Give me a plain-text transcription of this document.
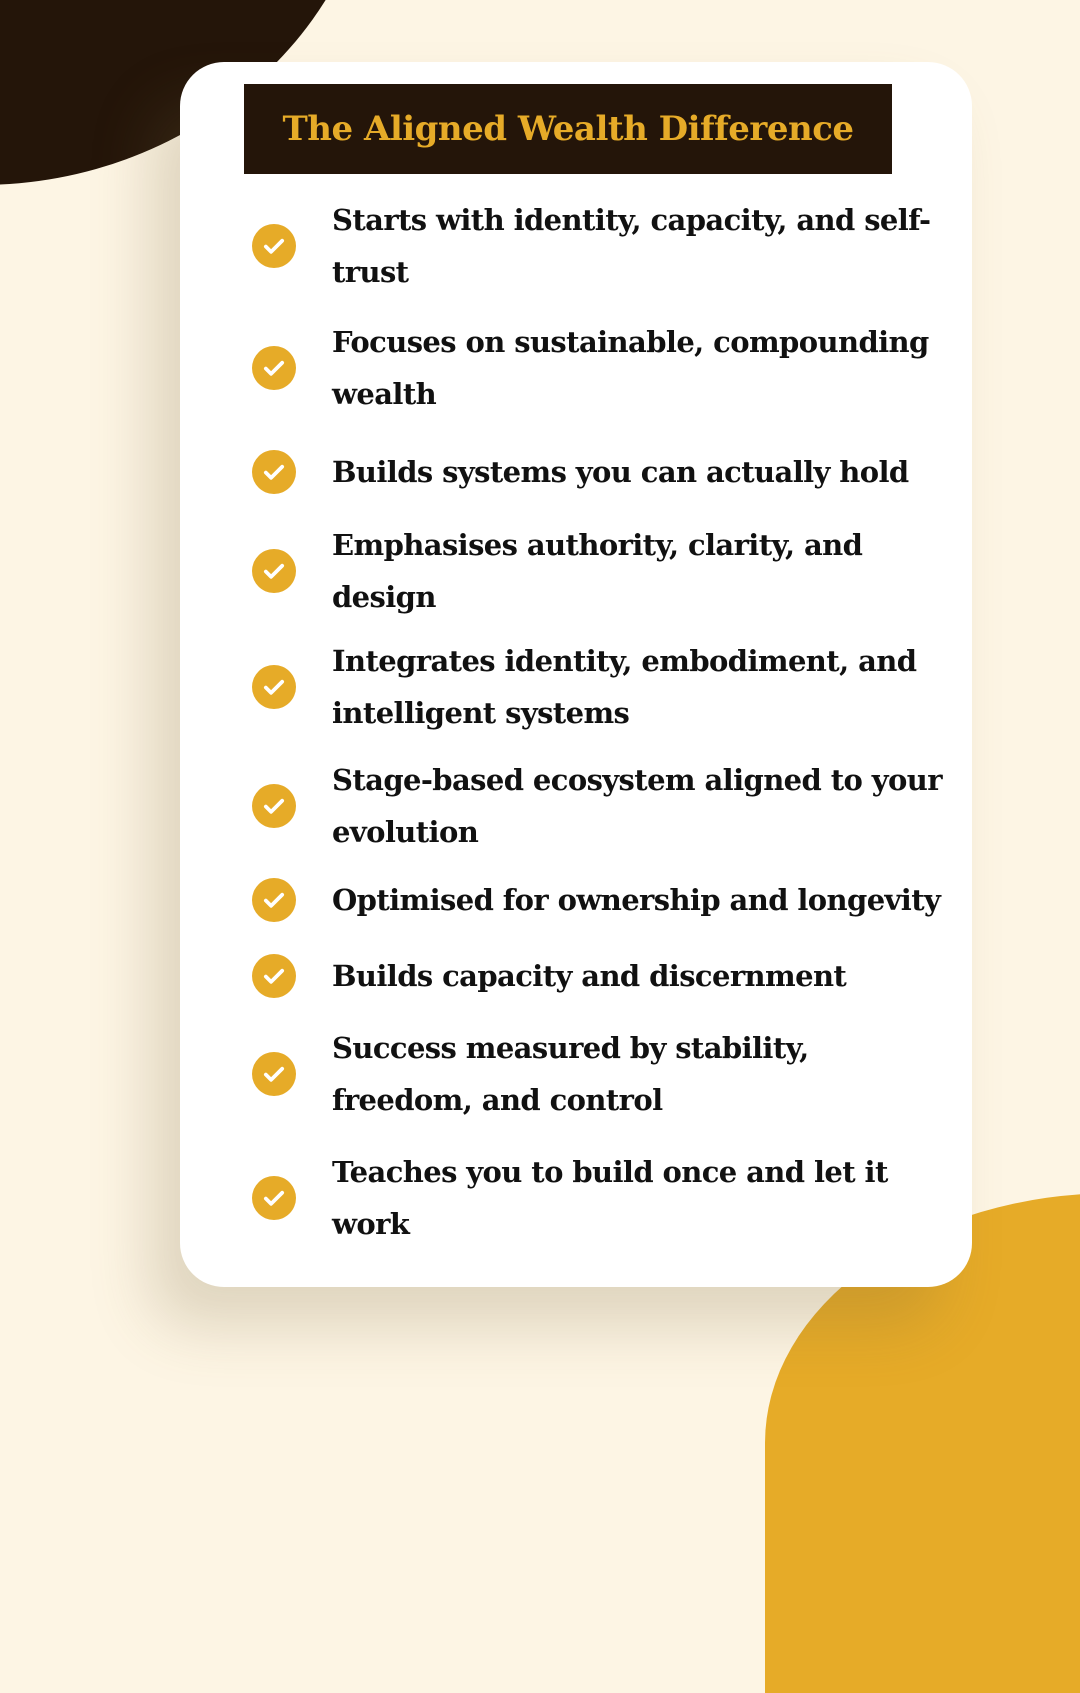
The Aligned Wealth Difference
Starts with identity, capacity, and self-trust
Focuses on sustainable, compounding wealth
Builds systems you can actually hold
Emphasises authority, clarity, and design
Integrates identity, embodiment, and intelligent systems
Stage-based ecosystem aligned to your evolution
Optimised for ownership and longevity
Builds capacity and discernment
Success measured by stability, freedom, and control
Teaches you to build once and let it work
